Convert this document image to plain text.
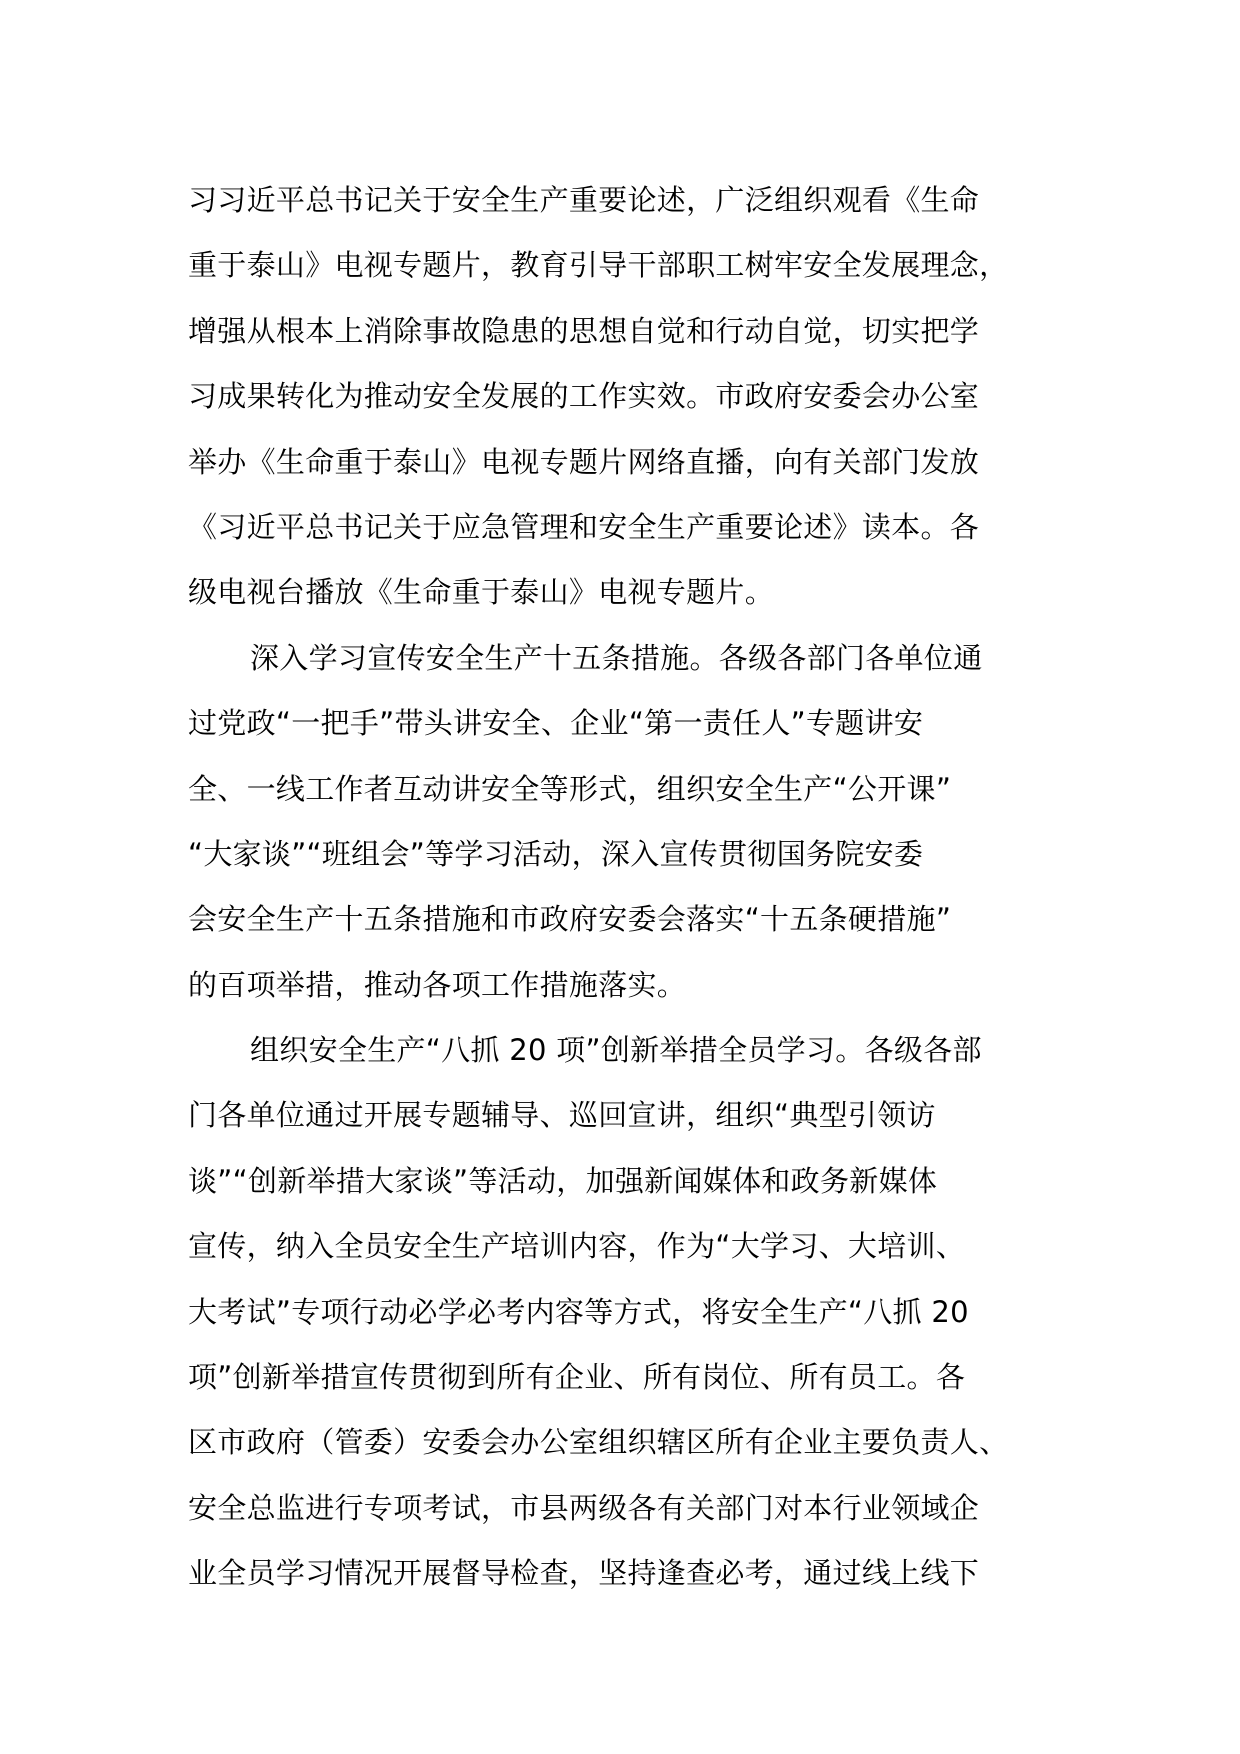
习习近平总书记关于安全生产重要论述，广泛组织观看《生命
重于泰山》电视专题片，教育引导干部职工树牢安全发展理念，
增强从根本上消除事故隐患的思想自觉和行动自觉，切实把学
习成果转化为推动安全发展的工作实效。市政府安委会办公室
举办《生命重于泰山》电视专题片网络直播，向有关部门发放
《习近平总书记关于应急管理和安全生产重要论述》读本。各
级电视台播放《生命重于泰山》电视专题片。
深入学习宣传安全生产十五条措施。各级各部门各单位通
过党政“一把手”带头讲安全、企业“第一责任人”专题讲安
全、一线工作者互动讲安全等形式，组织安全生产“公开课”
“大家谈”“班组会”等学习活动，深入宣传贯彻国务院安委
会安全生产十五条措施和市政府安委会落实“十五条硬措施”
的百项举措，推动各项工作措施落实。
组织安全生产“八抓 20 项”创新举措全员学习。各级各部
门各单位通过开展专题辅导、巡回宣讲，组织“典型引领访
谈”“创新举措大家谈”等活动，加强新闻媒体和政务新媒体
宣传，纳入全员安全生产培训内容，作为“大学习、大培训、
大考试”专项行动必学必考内容等方式，将安全生产“八抓 20
项”创新举措宣传贯彻到所有企业、所有岗位、所有员工。各
区市政府（管委）安委会办公室组织辖区所有企业主要负责人、
安全总监进行专项考试，市县两级各有关部门对本行业领域企
业全员学习情况开展督导检查，坚持逢查必考，通过线上线下
